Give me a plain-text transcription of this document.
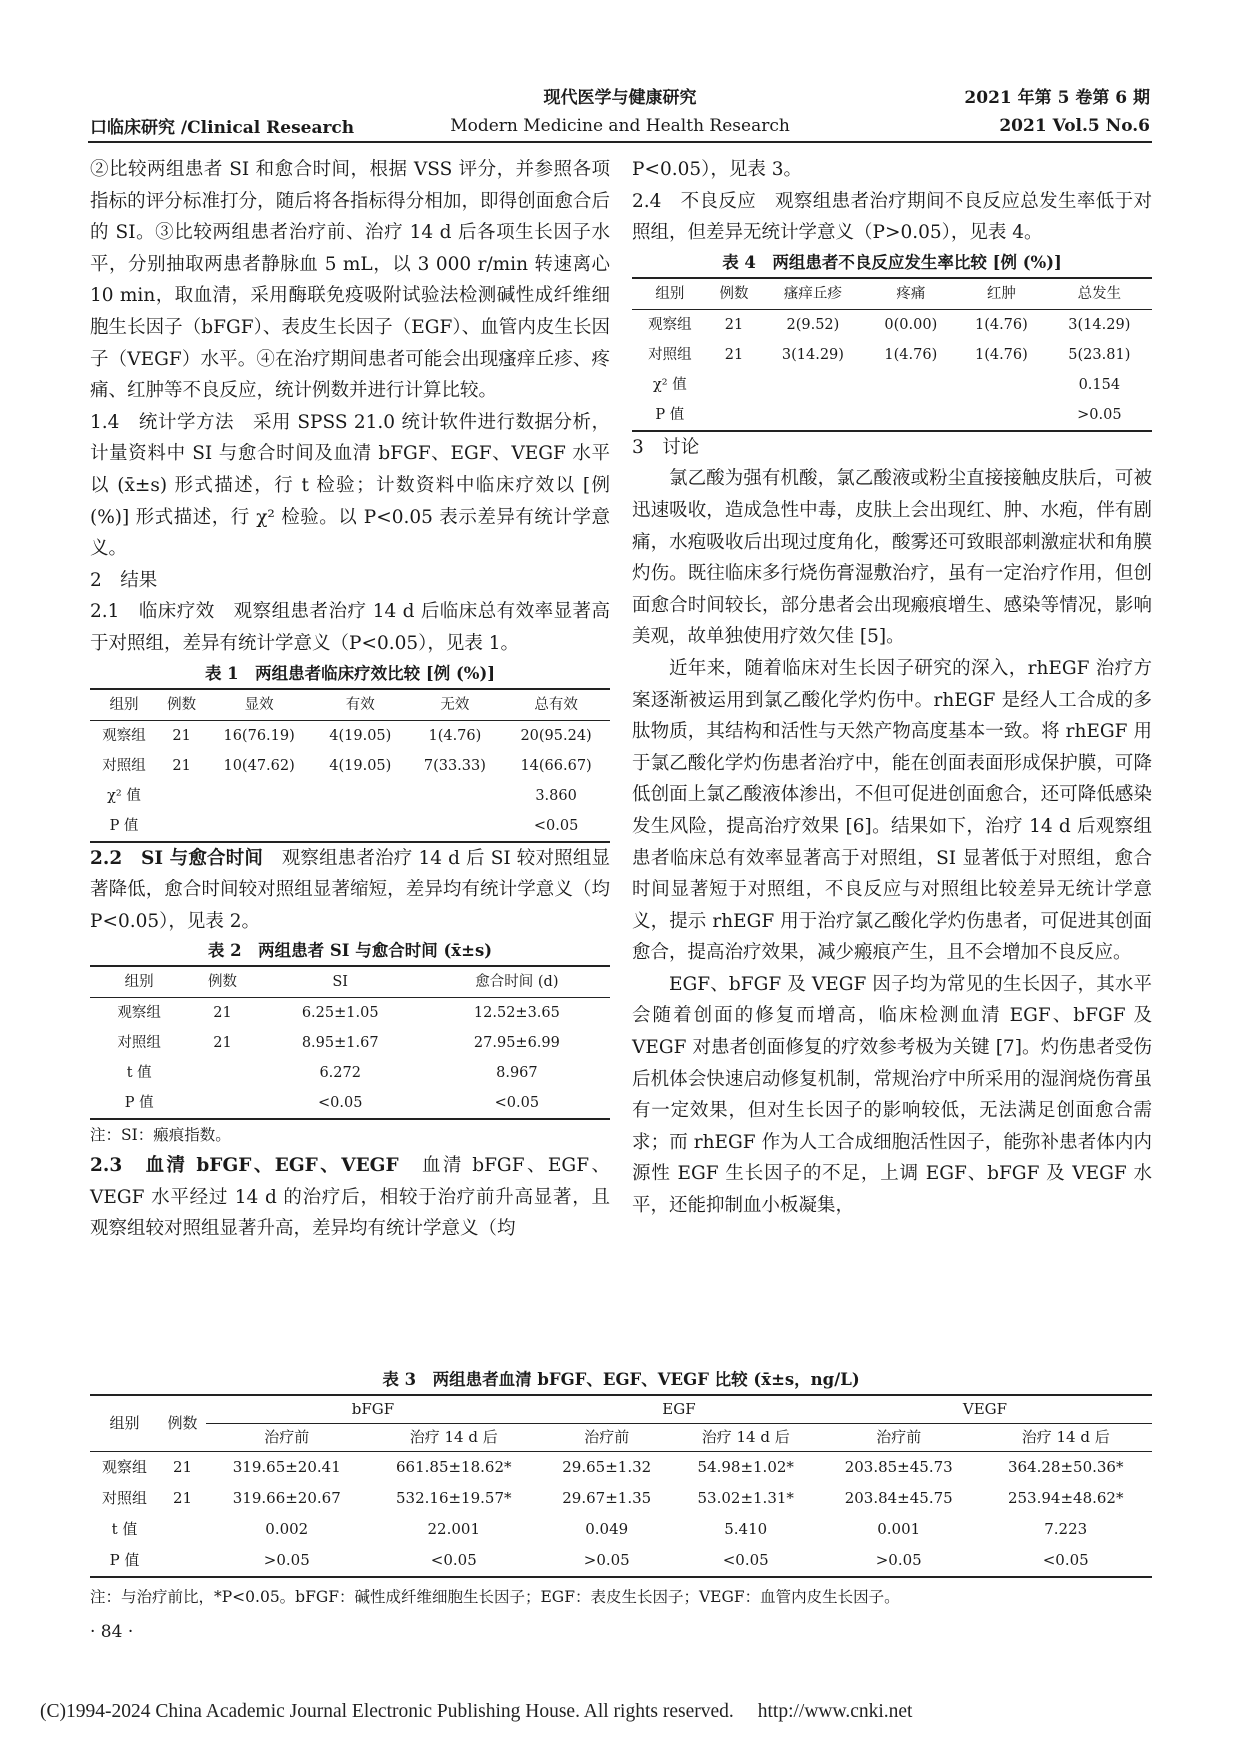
口临床研究 /Clinical Research
现代医学与健康研究
Modern Medicine and Health Research
2021 年第 5 卷第 6 期
2021 Vol.5 No.6

②比较两组患者 SI 和愈合时间，根据 VSS 评分，并参照各项指标的评分标准打分，随后将各指标得分相加，即得创面愈合后的 SI。③比较两组患者治疗前、治疗 14 d 后各项生长因子水平，分别抽取两患者静脉血 5 mL，以 3 000 r/min 转速离心 10 min，取血清，采用酶联免疫吸附试验法检测碱性成纤维细胞生长因子（bFGF）、表皮生长因子（EGF）、血管内皮生长因子（VEGF）水平。④在治疗期间患者可能会出现瘙痒丘疹、疼痛、红肿等不良反应，统计例数并进行计算比较。

1.4　统计学方法　采用 SPSS 21.0 统计软件进行数据分析，计量资料中 SI 与愈合时间及血清 bFGF、EGF、VEGF 水平以 (x̄±s) 形式描述，行 t 检验；计数资料中临床疗效以 [例 (%)] 形式描述，行 χ² 检验。以 P<0.05 表示差异有统计学意义。

2　结果

2.1　临床疗效　观察组患者治疗 14 d 后临床总有效率显著高于对照组，差异有统计学意义（P<0.05），见表 1。

表 1　两组患者临床疗效比较 [例 (%)]

组别	例数	显效	有效	无效	总有效
观察组	21	16(76.19)	4(19.05)	1(4.76)	20(95.24)
对照组	21	10(47.62)	4(19.05)	7(33.33)	14(66.67)
χ² 值					3.860
P 值					<0.05

2.2　SI 与愈合时间　观察组患者治疗 14 d 后 SI 较对照组显著降低，愈合时间较对照组显著缩短，差异均有统计学意义（均 P<0.05），见表 2。

表 2　两组患者 SI 与愈合时间 (x̄±s)

组别	例数	SI	愈合时间 (d)
观察组	21	6.25±1.05	12.52±3.65
对照组	21	8.95±1.67	27.95±6.99
t 值		6.272	8.967
P 值		<0.05	<0.05

注：SI：瘢痕指数。

2.3　血清 bFGF、EGF、VEGF　血清 bFGF、EGF、VEGF 水平经过 14 d 的治疗后，相较于治疗前升高显著，且观察组较对照组显著升高，差异均有统计学意义（均

P<0.05），见表 3。

2.4　不良反应　观察组患者治疗期间不良反应总发生率低于对照组，但差异无统计学意义（P>0.05），见表 4。

表 4　两组患者不良反应发生率比较 [例 (%)]

组别	例数	瘙痒丘疹	疼痛	红肿	总发生
观察组	21	2(9.52)	0(0.00)	1(4.76)	3(14.29)
对照组	21	3(14.29)	1(4.76)	1(4.76)	5(23.81)
χ² 值					0.154
P 值					>0.05

3　讨论

氯乙酸为强有机酸，氯乙酸液或粉尘直接接触皮肤后，可被迅速吸收，造成急性中毒，皮肤上会出现红、肿、水疱，伴有剧痛，水疱吸收后出现过度角化，酸雾还可致眼部刺激症状和角膜灼伤。既往临床多行烧伤膏湿敷治疗，虽有一定治疗作用，但创面愈合时间较长，部分患者会出现瘢痕增生、感染等情况，影响美观，故单独使用疗效欠佳 [5]。

近年来，随着临床对生长因子研究的深入，rhEGF 治疗方案逐渐被运用到氯乙酸化学灼伤中。rhEGF 是经人工合成的多肽物质，其结构和活性与天然产物高度基本一致。将 rhEGF 用于氯乙酸化学灼伤患者治疗中，能在创面表面形成保护膜，可降低创面上氯乙酸液体渗出，不但可促进创面愈合，还可降低感染发生风险，提高治疗效果 [6]。结果如下，治疗 14 d 后观察组患者临床总有效率显著高于对照组，SI 显著低于对照组，愈合时间显著短于对照组，不良反应与对照组比较差异无统计学意义，提示 rhEGF 用于治疗氯乙酸化学灼伤患者，可促进其创面愈合，提高治疗效果，减少瘢痕产生，且不会增加不良反应。

EGF、bFGF 及 VEGF 因子均为常见的生长因子，其水平会随着创面的修复而增高，临床检测血清 EGF、bFGF 及 VEGF 对患者创面修复的疗效参考极为关键 [7]。灼伤患者受伤后机体会快速启动修复机制，常规治疗中所采用的湿润烧伤膏虽有一定效果，但对生长因子的影响较低，无法满足创面愈合需求；而 rhEGF 作为人工合成细胞活性因子，能弥补患者体内内源性 EGF 生长因子的不足，上调 EGF、bFGF 及 VEGF 水平，还能抑制血小板凝集，

表 3　两组患者血清 bFGF、EGF、VEGF 比较 (x̄±s，ng/L)

组别	例数	bFGF		EGF		VEGF	
		治疗前	治疗 14 d 后	治疗前	治疗 14 d 后	治疗前	治疗 14 d 后
观察组	21	319.65±20.41	661.85±18.62*	29.65±1.32	54.98±1.02*	203.85±45.73	364.28±50.36*
对照组	21	319.66±20.67	532.16±19.57*	29.67±1.35	53.02±1.31*	203.84±45.75	253.94±48.62*
t 值		0.002	22.001	0.049	5.410	0.001	7.223
P 值		>0.05	<0.05	>0.05	<0.05	>0.05	<0.05

注：与治疗前比，*P<0.05。bFGF：碱性成纤维细胞生长因子；EGF：表皮生长因子；VEGF：血管内皮生长因子。

· 84 ·
(C)1994-2024 China Academic Journal Electronic Publishing House. All rights reserved. http://www.cnki.net
